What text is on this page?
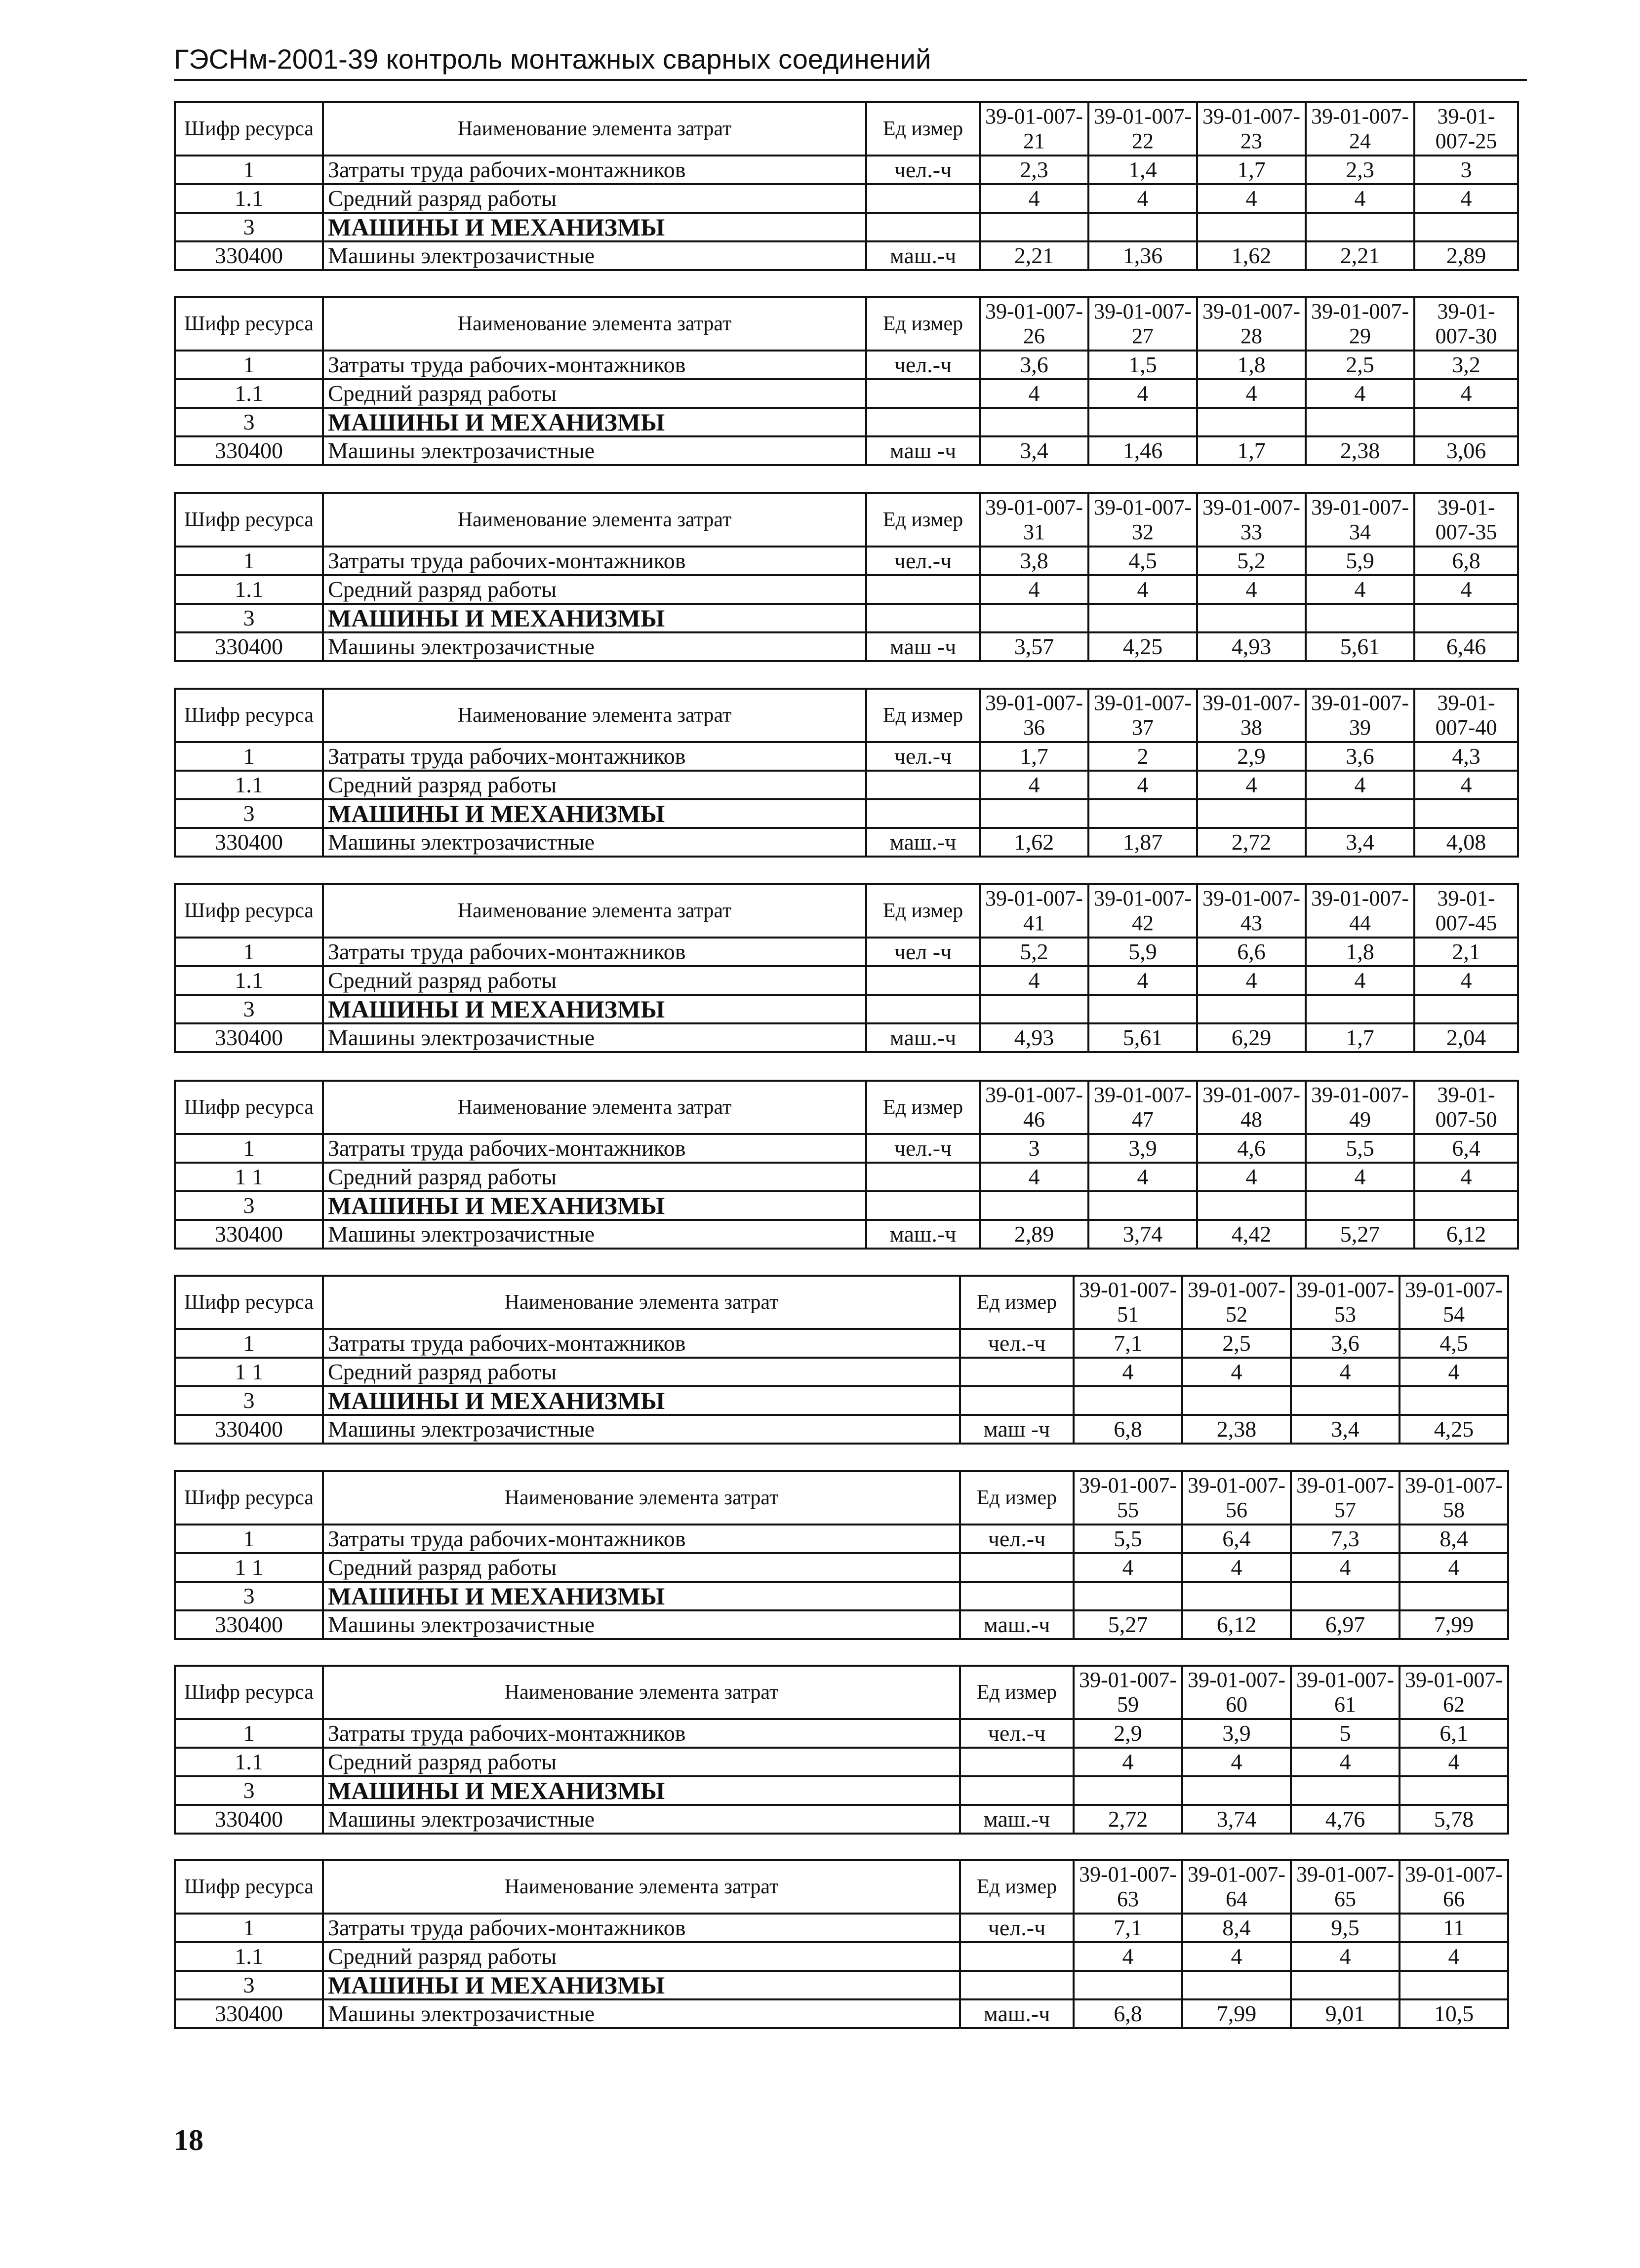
ГЭСНм-2001-39 контроль монтажных сварных соединений
Шифр ресурса	Наименование элемента затрат	Ед измер	39-01-007-21	39-01-007-22	39-01-007-23	39-01-007-24	39-01-007-25
1	Затраты труда рабочих-монтажников	чел.-ч	2,3	1,4	1,7	2,3	3
1.1	Средний разряд работы		4	4	4	4	4
3	МАШИНЫ И МЕХАНИЗМЫ						
330400	Машины электрозачистные	маш.-ч	2,21	1,36	1,62	2,21	2,89
Шифр ресурса	Наименование элемента затрат	Ед измер	39-01-007-26	39-01-007-27	39-01-007-28	39-01-007-29	39-01-007-30
1	Затраты труда рабочих-монтажников	чел.-ч	3,6	1,5	1,8	2,5	3,2
1.1	Средний разряд работы		4	4	4	4	4
3	МАШИНЫ И МЕХАНИЗМЫ						
330400	Машины электрозачистные	маш -ч	3,4	1,46	1,7	2,38	3,06
Шифр ресурса	Наименование элемента затрат	Ед измер	39-01-007-31	39-01-007-32	39-01-007-33	39-01-007-34	39-01-007-35
1	Затраты труда рабочих-монтажников	чел.-ч	3,8	4,5	5,2	5,9	6,8
1.1	Средний разряд работы		4	4	4	4	4
3	МАШИНЫ И МЕХАНИЗМЫ						
330400	Машины электрозачистные	маш -ч	3,57	4,25	4,93	5,61	6,46
Шифр ресурса	Наименование элемента затрат	Ед измер	39-01-007-36	39-01-007-37	39-01-007-38	39-01-007-39	39-01-007-40
1	Затраты труда рабочих-монтажников	чел.-ч	1,7	2	2,9	3,6	4,3
1.1	Средний разряд работы		4	4	4	4	4
3	МАШИНЫ И МЕХАНИЗМЫ						
330400	Машины электрозачистные	маш.-ч	1,62	1,87	2,72	3,4	4,08
Шифр ресурса	Наименование элемента затрат	Ед измер	39-01-007-41	39-01-007-42	39-01-007-43	39-01-007-44	39-01-007-45
1	Затраты труда рабочих-монтажников	чел -ч	5,2	5,9	6,6	1,8	2,1
1.1	Средний разряд работы		4	4	4	4	4
3	МАШИНЫ И МЕХАНИЗМЫ						
330400	Машины электрозачистные	маш.-ч	4,93	5,61	6,29	1,7	2,04
Шифр ресурса	Наименование элемента затрат	Ед измер	39-01-007-46	39-01-007-47	39-01-007-48	39-01-007-49	39-01-007-50
1	Затраты труда рабочих-монтажников	чел.-ч	3	3,9	4,6	5,5	6,4
1 1	Средний разряд работы		4	4	4	4	4
3	МАШИНЫ И МЕХАНИЗМЫ						
330400	Машины электрозачистные	маш.-ч	2,89	3,74	4,42	5,27	6,12
Шифр ресурса	Наименование элемента затрат	Ед измер	39-01-007-51	39-01-007-52	39-01-007-53	39-01-007-54
1	Затраты труда рабочих-монтажников	чел.-ч	7,1	2,5	3,6	4,5
1 1	Средний разряд работы		4	4	4	4
3	МАШИНЫ И МЕХАНИЗМЫ					
330400	Машины электрозачистные	маш -ч	6,8	2,38	3,4	4,25
Шифр ресурса	Наименование элемента затрат	Ед измер	39-01-007-55	39-01-007-56	39-01-007-57	39-01-007-58
1	Затраты труда рабочих-монтажников	чел.-ч	5,5	6,4	7,3	8,4
1 1	Средний разряд работы		4	4	4	4
3	МАШИНЫ И МЕХАНИЗМЫ					
330400	Машины электрозачистные	маш.-ч	5,27	6,12	6,97	7,99
Шифр ресурса	Наименование элемента затрат	Ед измер	39-01-007-59	39-01-007-60	39-01-007-61	39-01-007-62
1	Затраты труда рабочих-монтажников	чел.-ч	2,9	3,9	5	6,1
1.1	Средний разряд работы		4	4	4	4
3	МАШИНЫ И МЕХАНИЗМЫ					
330400	Машины электрозачистные	маш.-ч	2,72	3,74	4,76	5,78
Шифр ресурса	Наименование элемента затрат	Ед измер	39-01-007-63	39-01-007-64	39-01-007-65	39-01-007-66
1	Затраты труда рабочих-монтажников	чел.-ч	7,1	8,4	9,5	11
1.1	Средний разряд работы		4	4	4	4
3	МАШИНЫ И МЕХАНИЗМЫ					
330400	Машины электрозачистные	маш.-ч	6,8	7,99	9,01	10,5
18
